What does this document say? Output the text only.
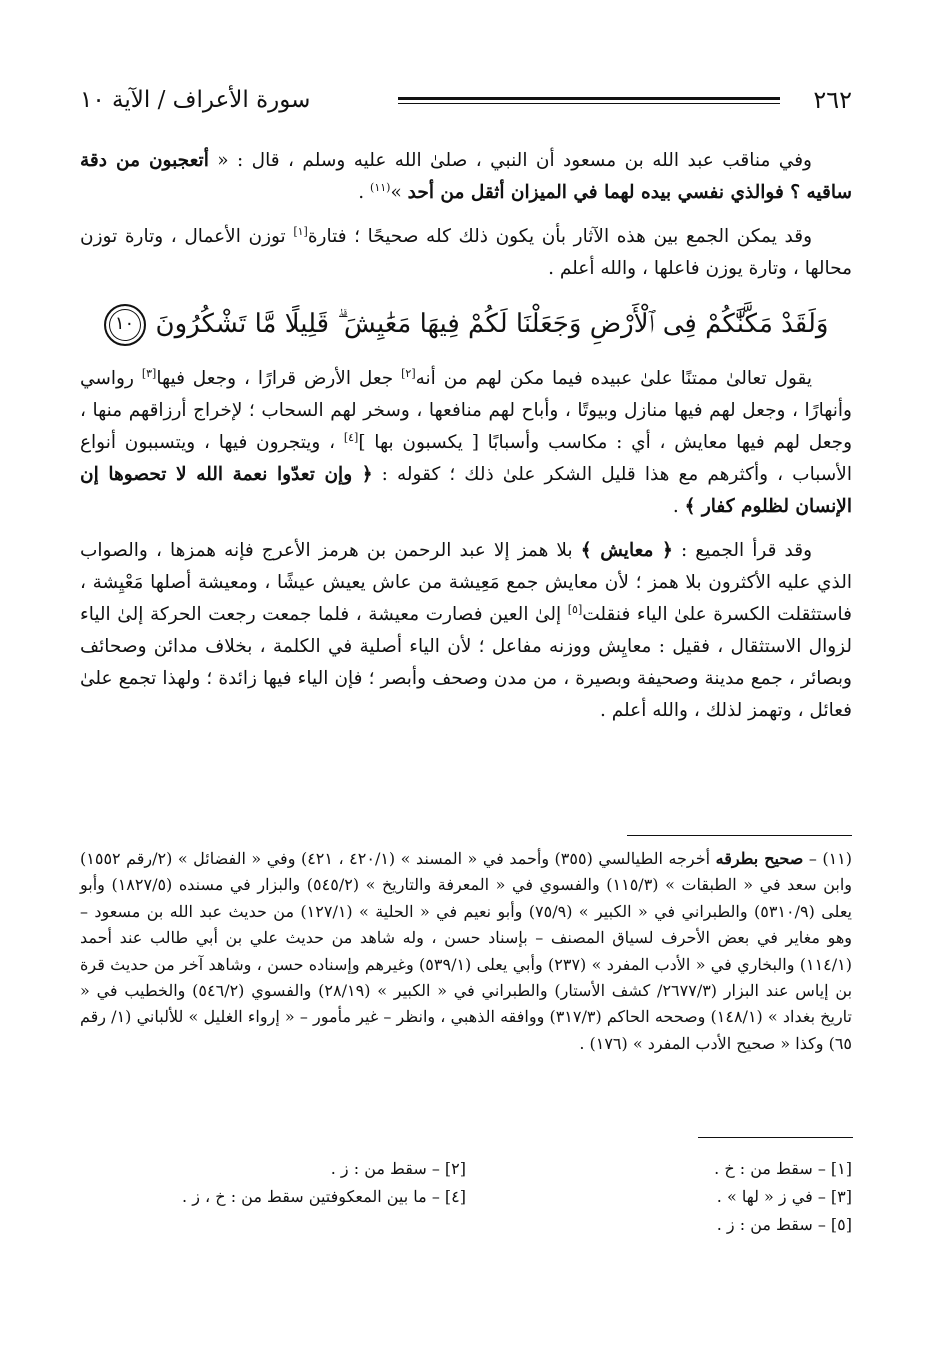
٢٦٢
سورة الأعراف / الآية ١٠

وفي مناقب عبد الله بن مسعود أن النبي ، صلىٰ الله عليه وسلم ، قال : « أتعجبون من دقة ساقيه ؟ فوالذي نفسي بيده لهما في الميزان أثقل من أحد »$^{(١١)}$ .

وقد يمكن الجمع بين هذه الآثار بأن يكون ذلك كله صحيحًا ؛ فتارة[١] توزن الأعمال ، وتارة توزن محالها ، وتارة يوزن فاعلها ، والله أعلم .

وَلَقَدْ مَكَّنَّٰكُمْ فِى ٱلْأَرْضِ وَجَعَلْنَا لَكُمْ فِيهَا مَعَٰيِشَ ۗ قَلِيلًا مَّا تَشْكُرُونَ١٠

يقول تعالىٰ ممتنًا علىٰ عبيده فيما مكن لهم من أنه[٢] جعل الأرض قرارًا ، وجعل فيها[٣] رواسي وأنهارًا ، وجعل لهم فيها منازل وبيوتًا ، وأباح لهم منافعها ، وسخر لهم السحاب ؛ لإخراج أرزاقهم منها ، وجعل لهم فيها معايش ، أي : مكاسب وأسبابًا [ يكسبون بها ][٤] ، ويتجرون فيها ، ويتسببون أنواع الأسباب ، وأكثرهم مع هذا قليل الشكر علىٰ ذلك ؛ كقوله : ﴿ وإن تعدّوا نعمة الله لا تحصوها إن الإنسان لظلوم كفار ﴾ .

وقد قرأ الجميع : ﴿ معايش ﴾ بلا همز إلا عبد الرحمن بن هرمز الأعرج فإنه همزها ، والصواب الذي عليه الأكثرون بلا همز ؛ لأن معايش جمع مَعِيشة من عاش يعيش عيشًا ، ومعيشة أصلها مَعْيِشة ، فاستثقلت الكسرة علىٰ الياء فنقلت[٥] إلىٰ العين فصارت معيشة ، فلما جمعت رجعت الحركة إلىٰ الياء لزوال الاستثقال ، فقيل : معايِش ووزنه مفاعل ؛ لأن الياء أصلية في الكلمة ، بخلاف مدائن وصحائف وبصائر ، جمع مدينة وصحيفة وبصيرة ، من مدن وصحف وأبصر ؛ فإن الياء فيها زائدة ؛ ولهذا تجمع علىٰ فعائل ، وتهمز لذلك ، والله أعلم .

(١١) – صحيح بطرقه أخرجه الطيالسي (٣٥٥) وأحمد في « المسند » (٤٢٠/١ ، ٤٢١) وفي « الفضائل » (٢/رقم ١٥٥٢) وابن سعد في « الطبقات » (١١٥/٣) والفسوي في « المعرفة والتاريخ » (٥٤٥/٢) والبزار في مسنده (١٨٢٧/٥) وأبو يعلى (٥٣١٠/٩) والطبراني في « الكبير » (٧٥/٩) وأبو نعيم في « الحلية » (١٢٧/١) من حديث عبد الله بن مسعود – وهو مغاير في بعض الأحرف لسياق المصنف – بإسناد حسن ، وله شاهد من حديث علي بن أبي طالب عند أحمد (١١٤/١) والبخاري في « الأدب المفرد » (٢٣٧) وأبي يعلى (٥٣٩/١) وغيرهم وإسناده حسن ، وشاهد آخر من حديث قرة بن إياس عند البزار (٢٦٧٧/٣/ كشف الأستار) والطبراني في « الكبير » (٢٨/١٩) والفسوي (٥٤٦/٢) والخطيب في « تاريخ بغداد » (١٤٨/١) وصححه الحاكم (٣١٧/٣) ووافقه الذهبي ، وانظر – غير مأمور – « إرواء الغليل » للألباني (١/ رقم ٦٥) وكذا « صحيح الأدب المفرد » (١٧٦) .

[١] – سقط من : خ .
[٢] – سقط من : ز .
[٣] – في ز « لها » .
[٤] – ما بين المعكوفتين سقط من : خ ، ز .
[٥] – سقط من : ز .
